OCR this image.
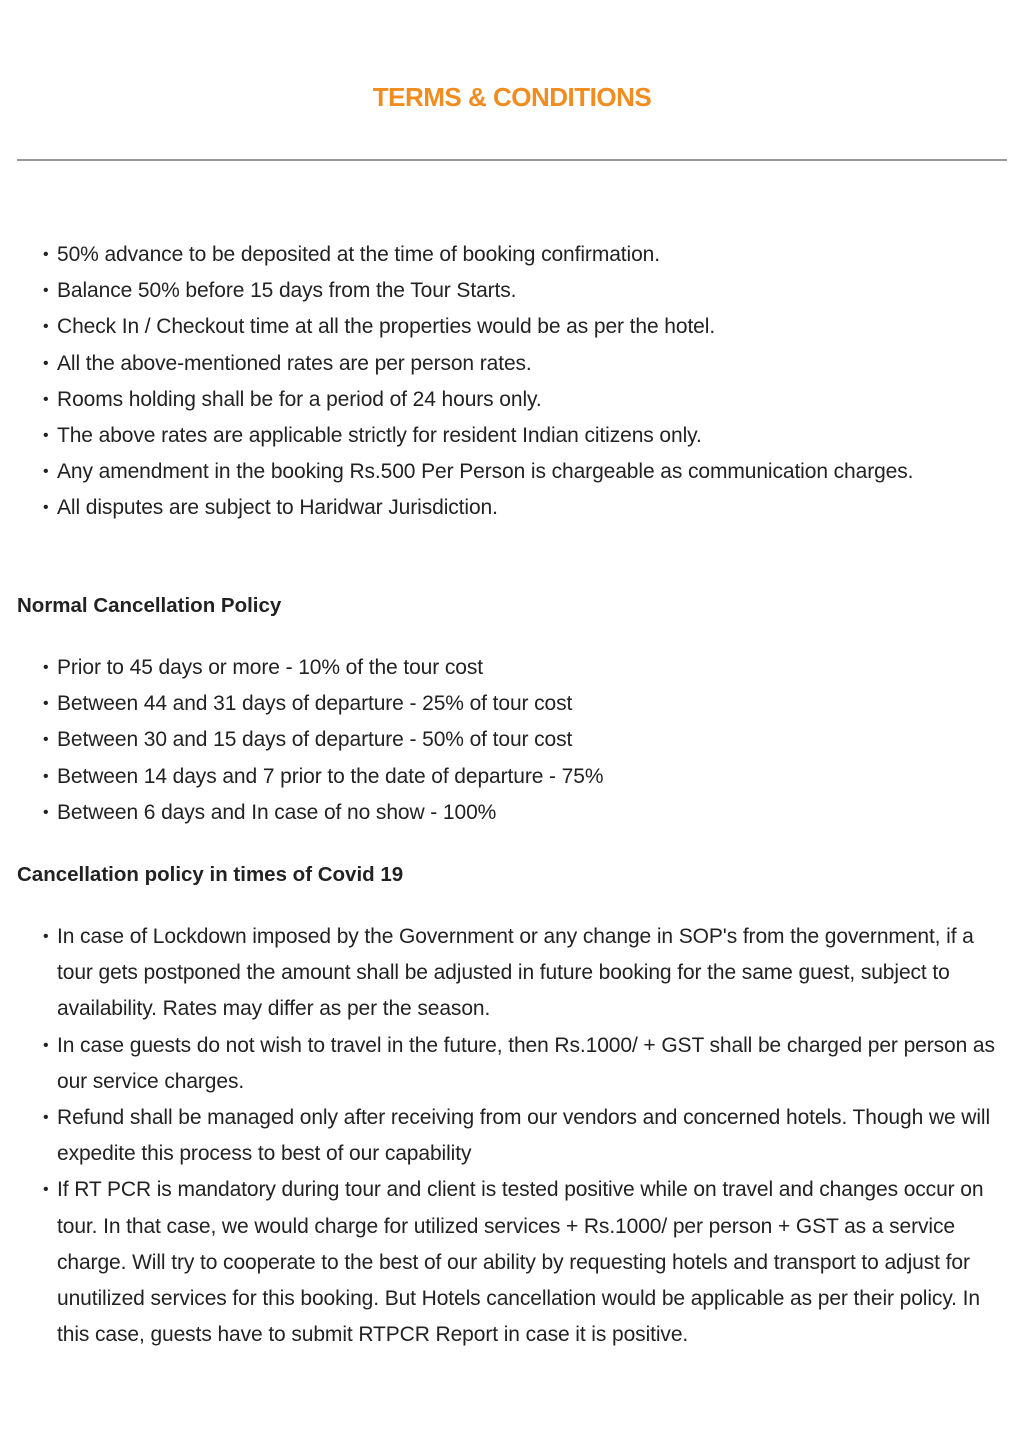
TERMS & CONDITIONS
• 50% advance to be deposited at the time of booking confirmation.
• Balance 50% before 15 days from the Tour Starts.
• Check In / Checkout time at all the properties would be as per the hotel.
• All the above-mentioned rates are per person rates.
• Rooms holding shall be for a period of 24 hours only.
• The above rates are applicable strictly for resident Indian citizens only.
• Any amendment in the booking Rs.500 Per Person is chargeable as communication charges.
• All disputes are subject to Haridwar Jurisdiction.
Normal Cancellation Policy
• Prior to 45 days or more - 10% of the tour cost
• Between 44 and 31 days of departure - 25% of tour cost
• Between 30 and 15 days of departure - 50% of tour cost
• Between 14 days and 7 prior to the date of departure - 75%
• Between 6 days and In case of no show - 100%
Cancellation policy in times of Covid 19
• In case of Lockdown imposed by the Government or any change in SOP's from the government, if a tour gets postponed the amount shall be adjusted in future booking for the same guest, subject to availability. Rates may differ as per the season.
• In case guests do not wish to travel in the future, then Rs.1000/ + GST shall be charged per person as our service charges.
• Refund shall be managed only after receiving from our vendors and concerned hotels. Though we will expedite this process to best of our capability
• If RT PCR is mandatory during tour and client is tested positive while on travel and changes occur on tour. In that case, we would charge for utilized services + Rs.1000/ per person + GST as a service charge. Will try to cooperate to the best of our ability by requesting hotels and transport to adjust for unutilized services for this booking. But Hotels cancellation would be applicable as per their policy. In this case, guests have to submit RTPCR Report in case it is positive.
